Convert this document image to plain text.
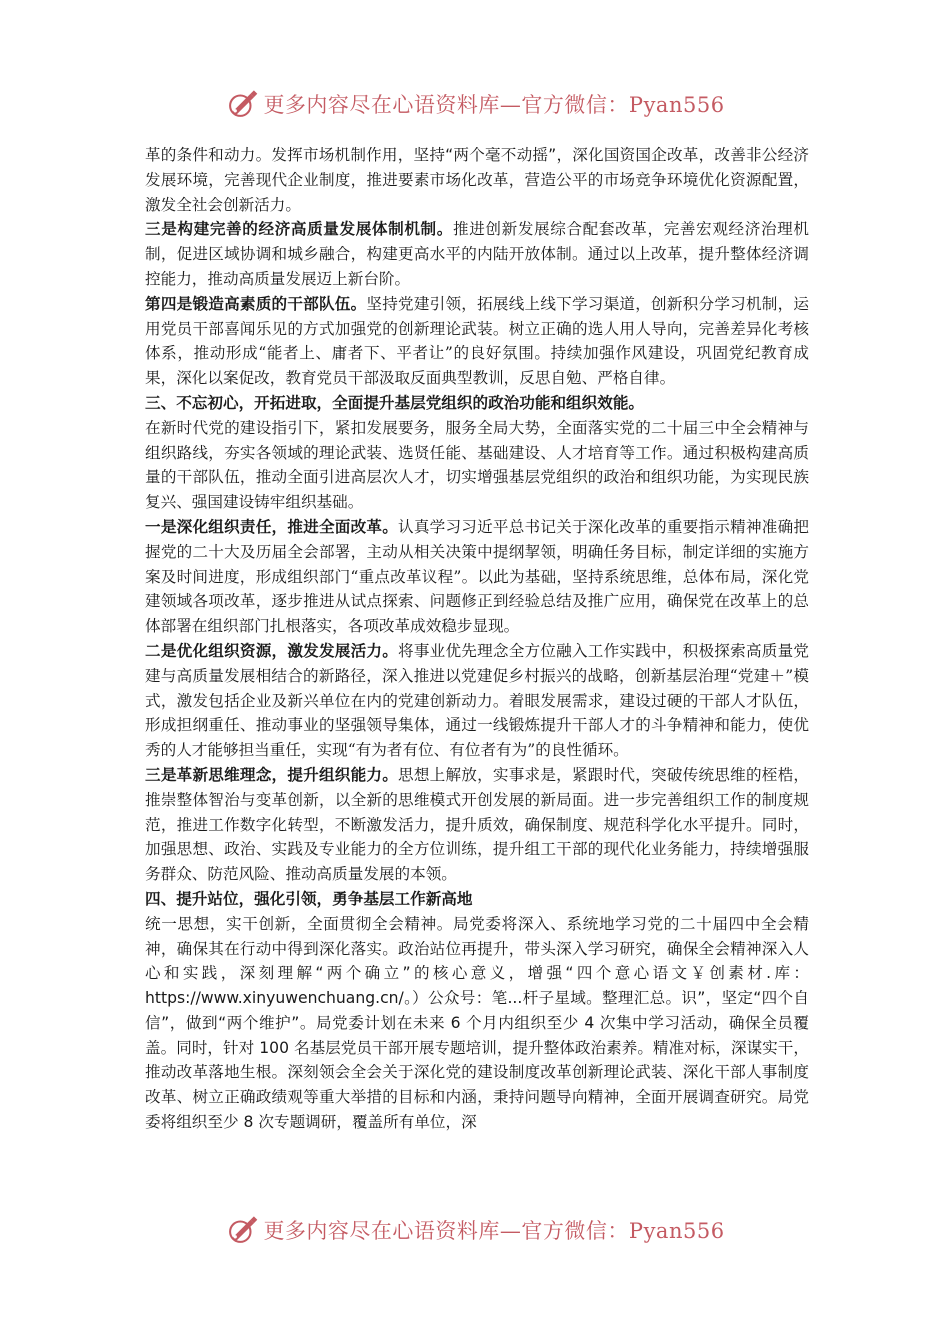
更多内容尽在心语资料库—官方微信：Pyan556

革的条件和动力。发挥市场机制作用，坚持“两个毫不动摇”，深化国资国企改革，改善非公经济发展环境，完善现代企业制度，推进要素市场化改革，营造公平的市场竞争环境优化资源配置，激发全社会创新活力。

三是构建完善的经济高质量发展体制机制。推进创新发展综合配套改革，完善宏观经济治理机制，促进区域协调和城乡融合，构建更高水平的内陆开放体制。通过以上改革，提升整体经济调控能力，推动高质量发展迈上新台阶。

第四是锻造高素质的干部队伍。坚持党建引领，拓展线上线下学习渠道，创新积分学习机制，运用党员干部喜闻乐见的方式加强党的创新理论武装。树立正确的选人用人导向，完善差异化考核体系，推动形成“能者上、庸者下、平者让”的良好氛围。持续加强作风建设，巩固党纪教育成果，深化以案促改，教育党员干部汲取反面典型教训，反思自勉、严格自律。

三、不忘初心，开拓进取，全面提升基层党组织的政治功能和组织效能。

在新时代党的建设指引下，紧扣发展要务，服务全局大势，全面落实党的二十届三中全会精神与组织路线，夯实各领域的理论武装、选贤任能、基础建设、人才培育等工作。通过积极构建高质量的干部队伍，推动全面引进高层次人才，切实增强基层党组织的政治和组织功能，为实现民族复兴、强国建设铸牢组织基础。

一是深化组织责任，推进全面改革。认真学习习近平总书记关于深化改革的重要指示精神准确把握党的二十大及历届全会部署，主动从相关决策中提纲挈领，明确任务目标，制定详细的实施方案及时间进度，形成组织部门“重点改革议程”。以此为基础，坚持系统思维，总体布局，深化党建领域各项改革，逐步推进从试点探索、问题修正到经验总结及推广应用，确保党在改革上的总体部署在组织部门扎根落实，各项改革成效稳步显现。

二是优化组织资源，激发发展活力。将事业优先理念全方位融入工作实践中，积极探索高质量党建与高质量发展相结合的新路径，深入推进以党建促乡村振兴的战略，创新基层治理“党建＋”模式，激发包括企业及新兴单位在内的党建创新动力。着眼发展需求，建设过硬的干部人才队伍，形成担纲重任、推动事业的坚强领导集体，通过一线锻炼提升干部人才的斗争精神和能力，使优秀的人才能够担当重任，实现“有为者有位、有位者有为”的良性循环。

三是革新思维理念，提升组织能力。思想上解放，实事求是，紧跟时代，突破传统思维的桎梏，推崇整体智治与变革创新，以全新的思维模式开创发展的新局面。进一步完善组织工作的制度规范，推进工作数字化转型，不断激发活力，提升质效，确保制度、规范科学化水平提升。同时，加强思想、政治、实践及专业能力的全方位训练，提升组工干部的现代化业务能力，持续增强服务群众、防范风险、推动高质量发展的本领。

四、提升站位，强化引领，勇争基层工作新高地

统一思想，实干创新，全面贯彻全会精神。局党委将深入、系统地学习党的二十届四中全会精神，确保其在行动中得到深化落实。政治站位再提升，带头深入学习研究，确保全会精神深入人心和实践，深刻理解“两个确立”的核心意义，增强“四个意心语文￥创素材.库：https://www.xinyuwenchuang.cn/。）公众号：笔...杆子星域。整理汇总。识”，坚定“四个自信”，做到“两个维护”。局党委计划在未来 6 个月内组织至少 4 次集中学习活动，确保全员覆盖。同时，针对 100 名基层党员干部开展专题培训，提升整体政治素养。精准对标，深谋实干，推动改革落地生根。深刻领会全会关于深化党的建设制度改革创新理论武装、深化干部人事制度改革、树立正确政绩观等重大举措的目标和内涵，秉持问题导向精神，全面开展调查研究。局党委将组织至少 8 次专题调研，覆盖所有单位，深

更多内容尽在心语资料库—官方微信：Pyan556
